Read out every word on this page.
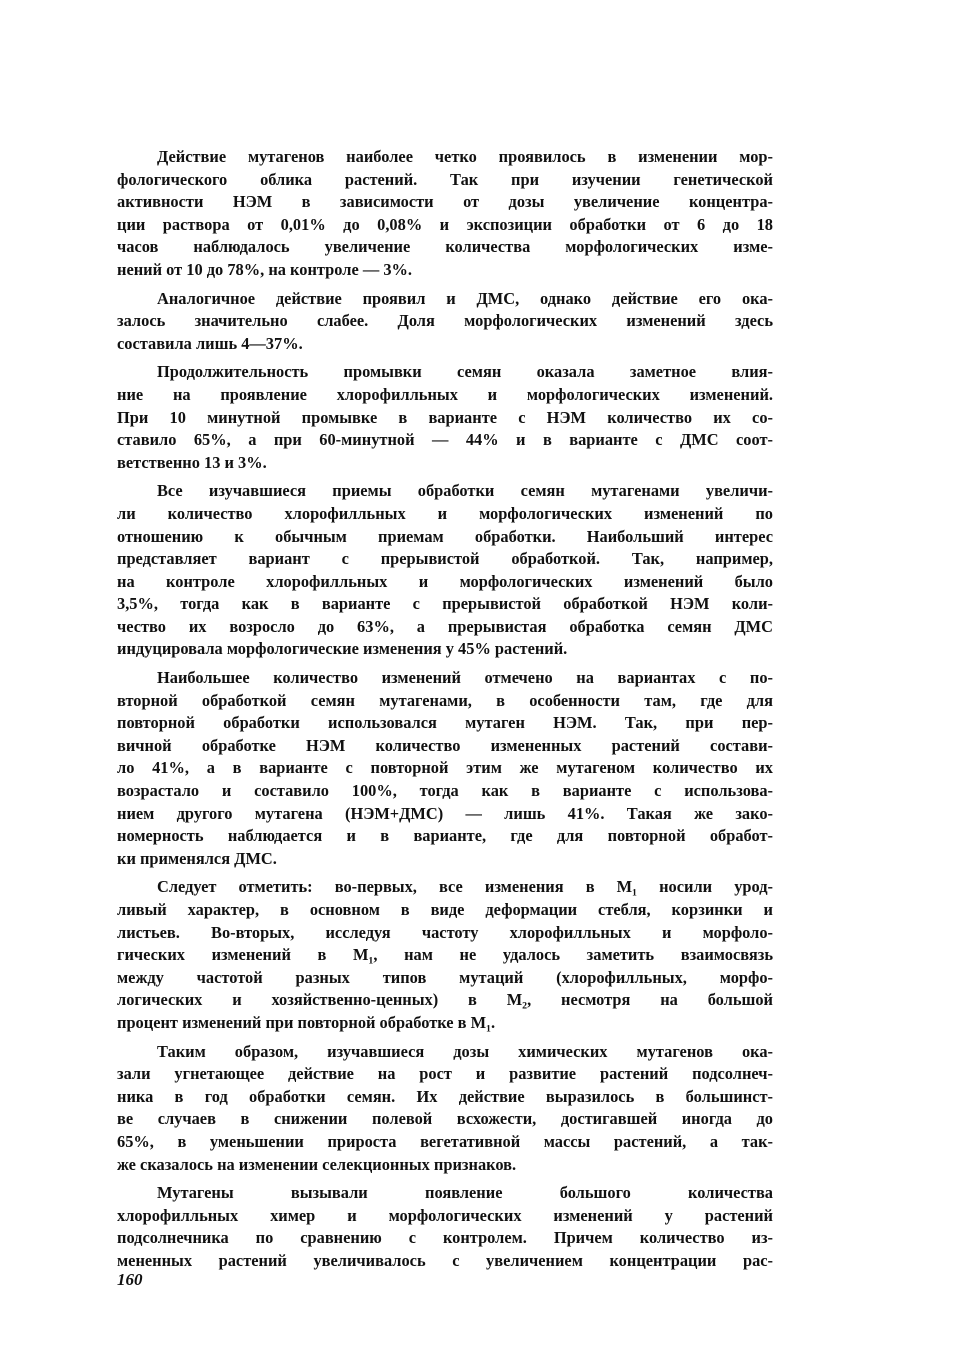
Действие мутагенов наиболее четко проявилось в изменении мор-
фологического облика растений. Так при изучении генетической
активности НЭМ в зависимости от дозы увеличение концентра-
ции раствора от 0,01% до 0,08% и экспозиции обработки от 6 до 18
часов наблюдалось увеличение количества морфологических изме-
нений от 10 до 78%, на контроле — 3%.

Аналогичное действие проявил и ДМС, однако действие его ока-
залось значительно слабее. Доля морфологических изменений здесь
составила лишь 4—37%.

Продолжительность промывки семян оказала заметное влия-
ние на проявление хлорофилльных и морфологических изменений.
При 10 минутной промывке в варианте с НЭМ количество их со-
ставило 65%, а при 60-минутной — 44% и в варианте с ДМС соот-
ветственно 13 и 3%.

Все изучавшиеся приемы обработки семян мутагенами увеличи-
ли количество хлорофилльных и морфологических изменений по
отношению к обычным приемам обработки. Наибольший интерес
представляет вариант с прерывистой обработкой. Так, например,
на контроле хлорофилльных и морфологических изменений было
3,5%, тогда как в варианте с прерывистой обработкой НЭМ коли-
чество их возросло до 63%, а прерывистая обработка семян ДМС
индуцировала морфологические изменения у 45% растений.

Наибольшее количество изменений отмечено на вариантах с по-
вторной обработкой семян мутагенами, в особенности там, где для
повторной обработки использовался мутаген НЭМ. Так, при пер-
вичной обработке НЭМ количество измененных растений состави-
ло 41%, а в варианте с повторной этим же мутагеном количество их
возрастало и составило 100%, тогда как в варианте с использова-
нием другого мутагена (НЭМ+ДМС) — лишь 41%. Такая же зако-
номерность наблюдается и в варианте, где для повторной обработ-
ки применялся ДМС.

Следует отметить: во-первых, все изменения в M₁ носили урод-
ливый характер, в основном в виде деформации стебля, корзинки и
листьев. Во-вторых, исследуя частоту хлорофилльных и морфоло-
гических изменений в M₁, нам не удалось заметить взаимосвязь
между частотой разных типов мутаций (хлорофилльных, морфо-
логических и хозяйственно-ценных) в M₂, несмотря на большой
процент изменений при повторной обработке в M₁.

Таким образом, изучавшиеся дозы химических мутагенов ока-
зали угнетающее действие на рост и развитие растений подсолнеч-
ника в год обработки семян. Их действие выразилось в большинст-
ве случаев в снижении полевой всхожести, достигавшей иногда до
65%, в уменьшении прироста вегетативной массы растений, а так-
же сказалось на изменении селекционных признаков.

Мутагены вызывали появление большого количества
хлорофилльных химер и морфологических изменений у растений
подсолнечника по сравнению с контролем. Причем количество из-
мененных растений увеличивалось с увеличением концентрации рас-

160
